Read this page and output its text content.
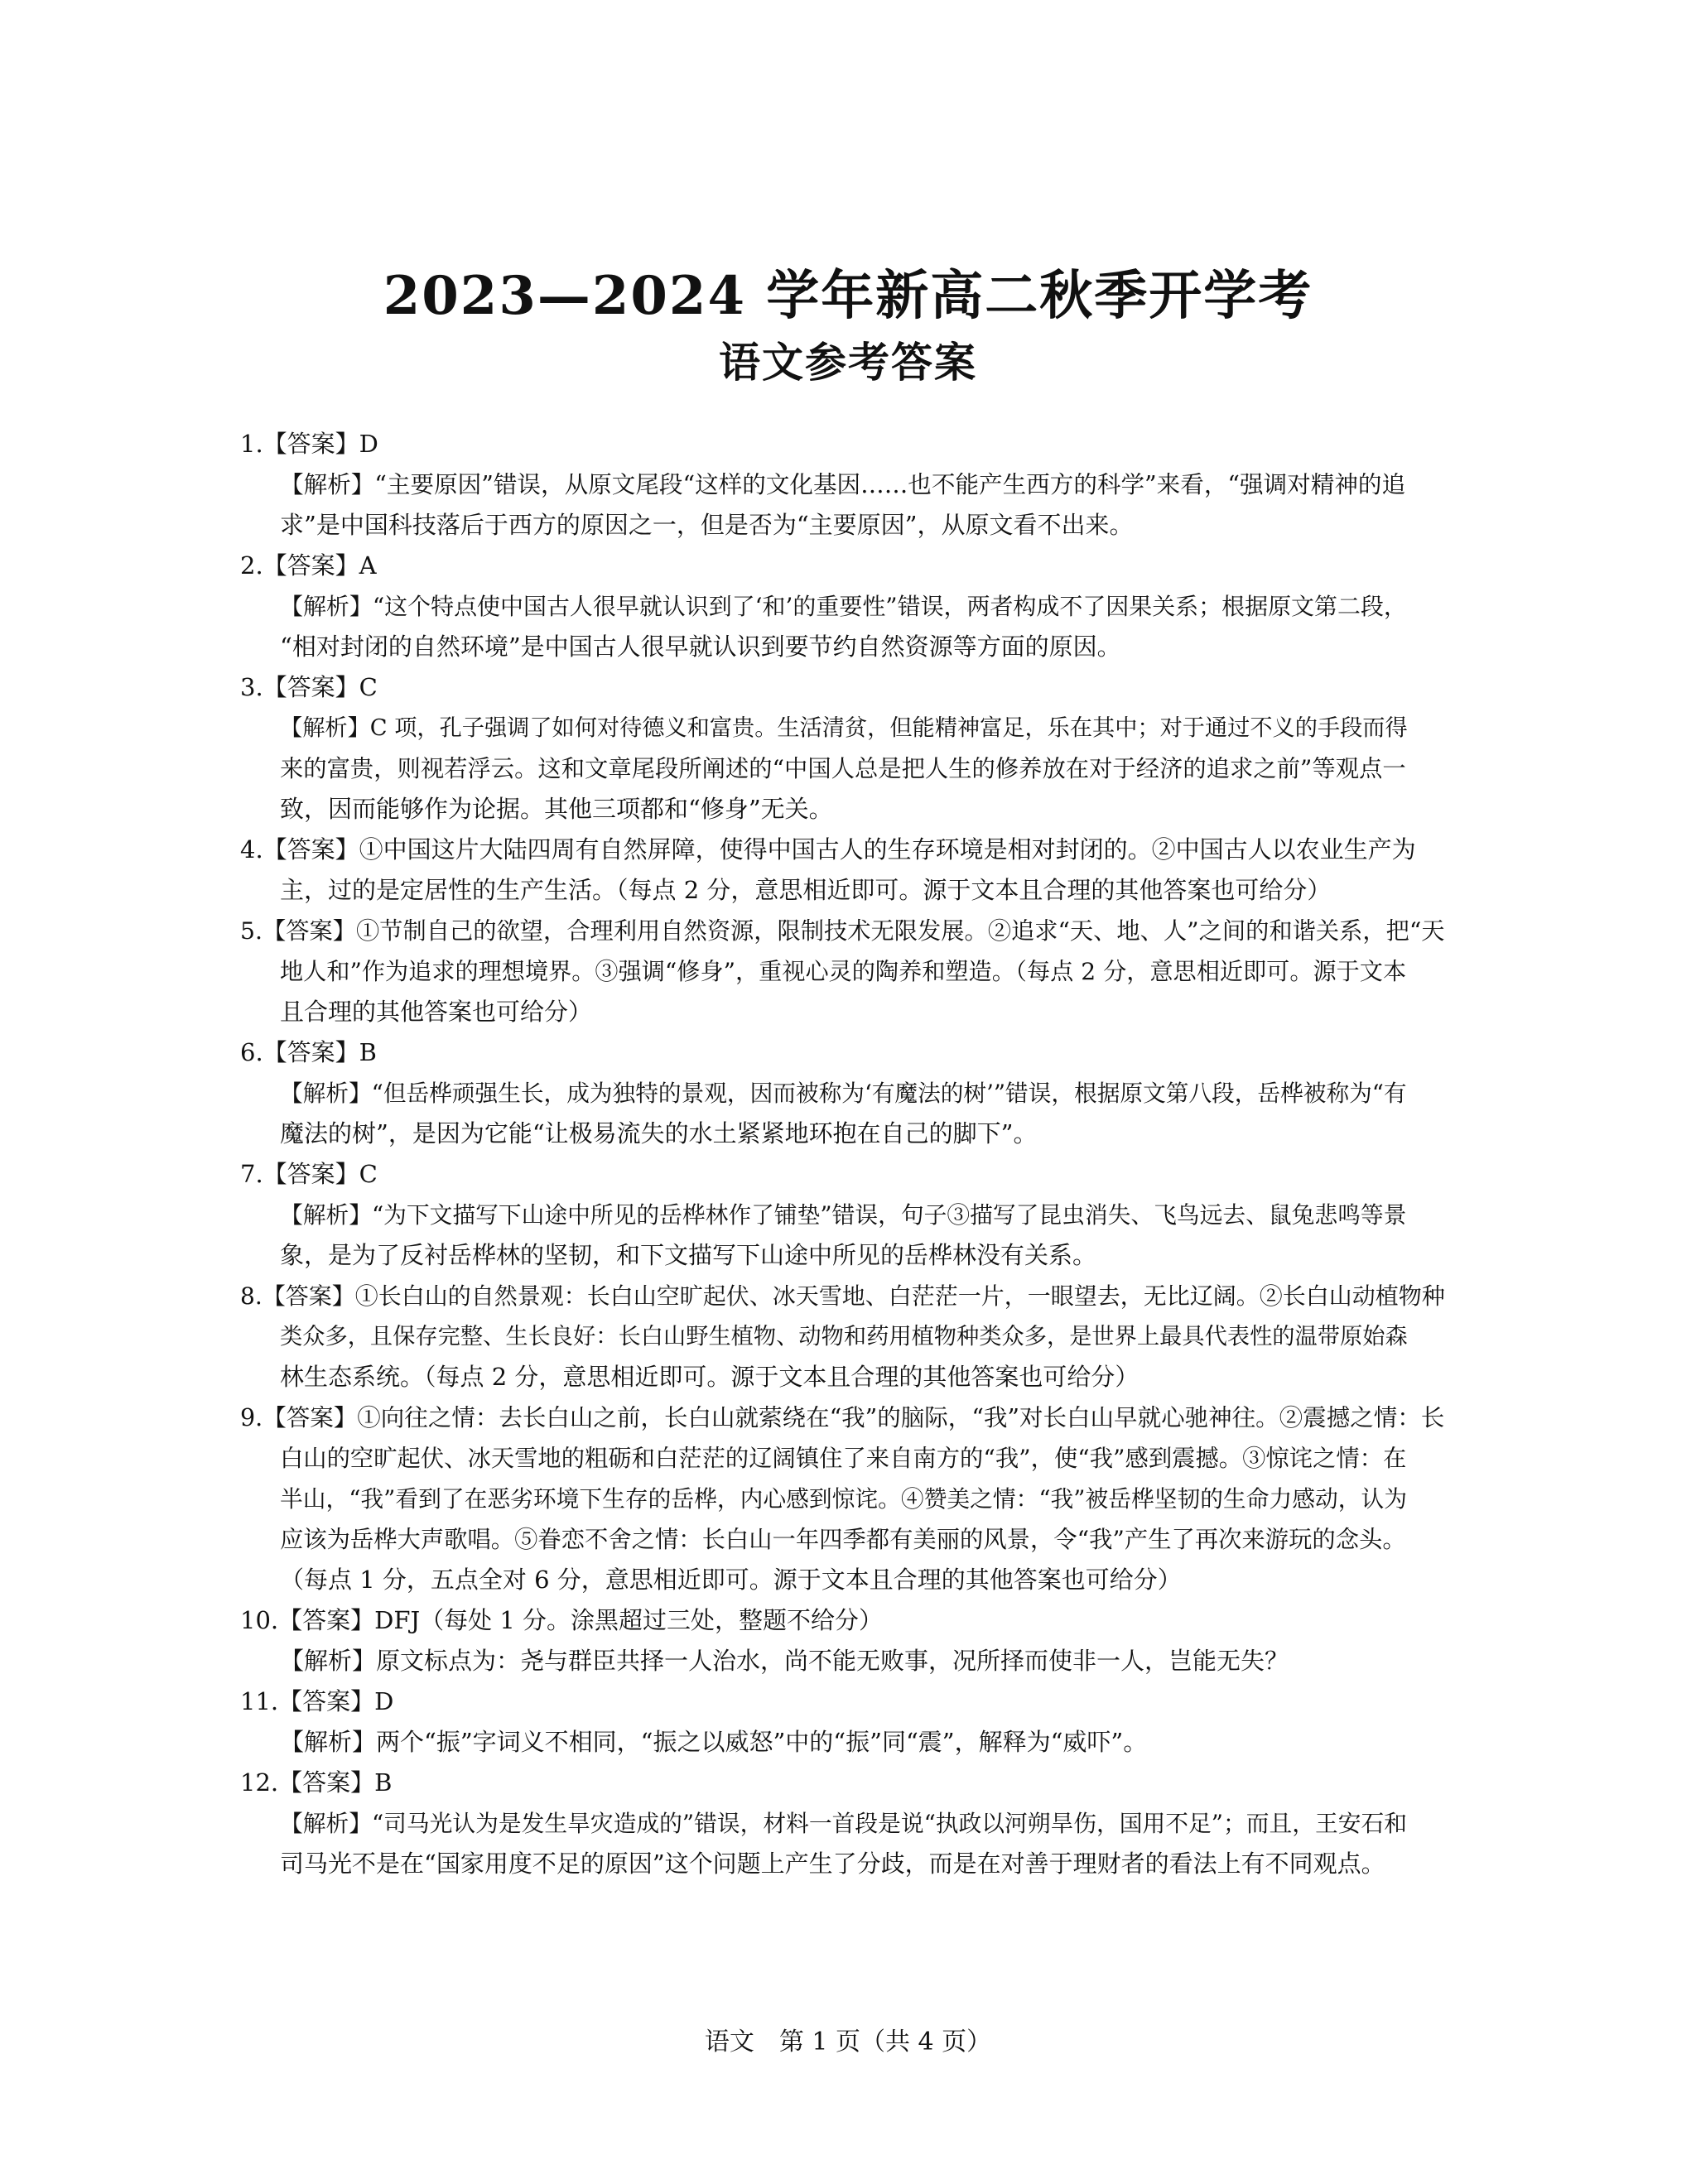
2023—2024 学年新高二秋季开学考
语文参考答案
1.【答案】D
【解析】“主要原因”错误，从原文尾段“这样的文化基因……也不能产生西方的科学”来看，“强调对精神的追
求”是中国科技落后于西方的原因之一，但是否为“主要原因”，从原文看不出来。
2.【答案】A
【解析】“这个特点使中国古人很早就认识到了‘和’的重要性”错误，两者构成不了因果关系；根据原文第二段，
“相对封闭的自然环境”是中国古人很早就认识到要节约自然资源等方面的原因。
3.【答案】C
【解析】C 项，孔子强调了如何对待德义和富贵。生活清贫，但能精神富足，乐在其中；对于通过不义的手段而得
来的富贵，则视若浮云。这和文章尾段所阐述的“中国人总是把人生的修养放在对于经济的追求之前”等观点一
致，因而能够作为论据。其他三项都和“修身”无关。
4.【答案】①中国这片大陆四周有自然屏障，使得中国古人的生存环境是相对封闭的。②中国古人以农业生产为
主，过的是定居性的生产生活。（每点 2 分，意思相近即可。源于文本且合理的其他答案也可给分）
5.【答案】①节制自己的欲望，合理利用自然资源，限制技术无限发展。②追求“天、地、人”之间的和谐关系，把“天
地人和”作为追求的理想境界。③强调“修身”，重视心灵的陶养和塑造。（每点 2 分，意思相近即可。源于文本
且合理的其他答案也可给分）
6.【答案】B
【解析】“但岳桦顽强生长，成为独特的景观，因而被称为‘有魔法的树’”错误，根据原文第八段，岳桦被称为“有
魔法的树”，是因为它能“让极易流失的水土紧紧地环抱在自己的脚下”。
7.【答案】C
【解析】“为下文描写下山途中所见的岳桦林作了铺垫”错误，句子③描写了昆虫消失、飞鸟远去、鼠兔悲鸣等景
象，是为了反衬岳桦林的坚韧，和下文描写下山途中所见的岳桦林没有关系。
8.【答案】①长白山的自然景观：长白山空旷起伏、冰天雪地、白茫茫一片，一眼望去，无比辽阔。②长白山动植物种
类众多，且保存完整、生长良好：长白山野生植物、动物和药用植物种类众多，是世界上最具代表性的温带原始森
林生态系统。（每点 2 分，意思相近即可。源于文本且合理的其他答案也可给分）
9.【答案】①向往之情：去长白山之前，长白山就萦绕在“我”的脑际，“我”对长白山早就心驰神往。②震撼之情：长
白山的空旷起伏、冰天雪地的粗砺和白茫茫的辽阔镇住了来自南方的“我”，使“我”感到震撼。③惊诧之情：在
半山，“我”看到了在恶劣环境下生存的岳桦，内心感到惊诧。④赞美之情：“我”被岳桦坚韧的生命力感动，认为
应该为岳桦大声歌唱。⑤眷恋不舍之情：长白山一年四季都有美丽的风景，令“我”产生了再次来游玩的念头。
（每点 1 分，五点全对 6 分，意思相近即可。源于文本且合理的其他答案也可给分）
10.【答案】DFJ（每处 1 分。涂黑超过三处，整题不给分）
【解析】原文标点为：尧与群臣共择一人治水，尚不能无败事，况所择而使非一人，岂能无失？
11.【答案】D
【解析】两个“振”字词义不相同，“振之以威怒”中的“振”同“震”，解释为“威吓”。
12.【答案】B
【解析】“司马光认为是发生旱灾造成的”错误，材料一首段是说“执政以河朔旱伤，国用不足”；而且，王安石和
司马光不是在“国家用度不足的原因”这个问题上产生了分歧，而是在对善于理财者的看法上有不同观点。
语文　第 1 页（共 4 页）
